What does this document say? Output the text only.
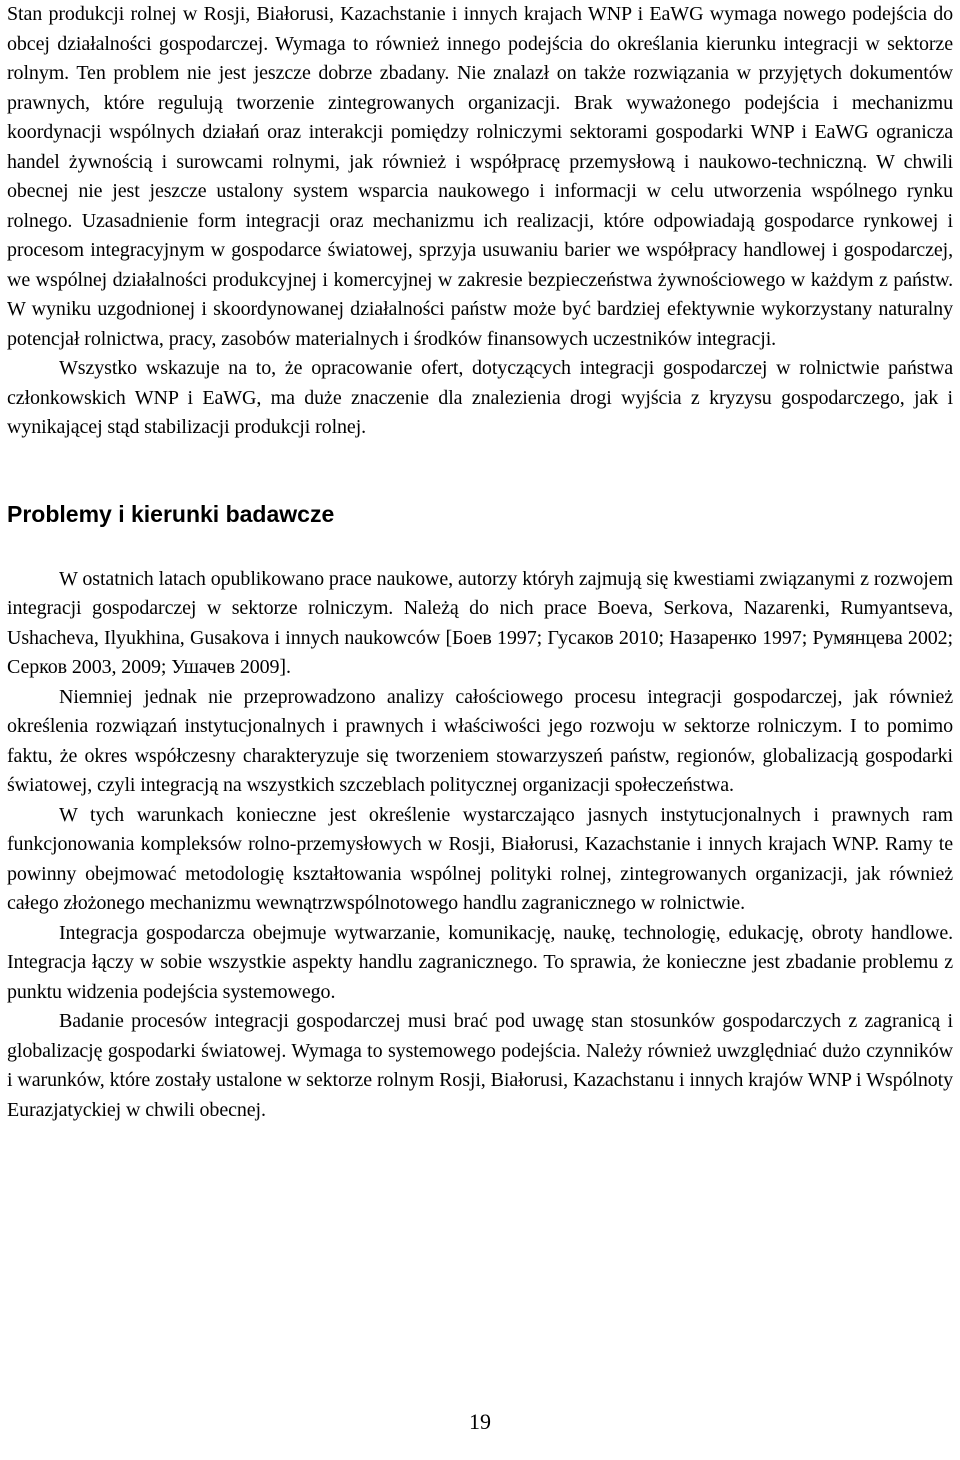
Stan produkcji rolnej w Rosji, Białorusi, Kazachstanie i innych krajach WNP i EaWG wymaga nowego podejścia do obcej działalności gospodarczej. Wymaga to również innego podejścia do określania kierunku integracji w sektorze rolnym. Ten problem nie jest jeszcze dobrze zbadany. Nie znalazł on także rozwiązania w przyjętych dokumentów prawnych, które regulują tworzenie zintegrowanych organizacji. Brak wyważonego podejścia i mechanizmu koordynacji wspólnych działań oraz interakcji pomiędzy rolniczymi sektorami gospodarki WNP i EaWG ogranicza handel żywnością i surowcami rolnymi, jak również i współpracę przemysłową i naukowo-techniczną. W chwili obecnej nie jest jeszcze ustalony system wsparcia naukowego i informacji w celu utworzenia wspólnego rynku rolnego. Uzasadnienie form integracji oraz mechanizmu ich realizacji, które odpowiadają gospodarce rynkowej i procesom integracyjnym w gospodarce światowej, sprzyja usuwaniu barier we współpracy handlowej i gospodarczej, we wspólnej działalności produkcyjnej i komercyjnej w zakresie bezpieczeństwa żywnościowego w każdym z państw. W wyniku uzgodnionej i skoordynowanej działalności państw może być bardziej efektywnie wykorzystany naturalny potencjał rolnictwa, pracy, zasobów materialnych i środków finansowych uczestników integracji.

Wszystko wskazuje na to, że opracowanie ofert, dotyczących integracji gospodarczej w rolnictwie państwa członkowskich WNP i EaWG, ma duże znaczenie dla znalezienia drogi wyjścia z kryzysu gospodarczego, jak i wynikającej stąd stabilizacji produkcji rolnej.

Problemy i kierunki badawcze

W ostatnich latach opublikowano prace naukowe, autorzy któryh zajmują się kwestiami związanymi z rozwojem integracji gospodarczej w sektorze rolniczym. Należą do nich prace Boeva, Serkova, Nazarenki, Rumyantseva, Ushacheva, Ilyukhina, Gusakova i innych naukowców [Боев 1997; Гусаков 2010; Назаренко 1997; Румянцева 2002; Серков 2003, 2009; Ушачев 2009].

Niemniej jednak nie przeprowadzono analizy całościowego procesu integracji gospodarczej, jak również określenia rozwiązań instytucjonalnych i prawnych i właściwości jego rozwoju w sektorze rolniczym. I to pomimo faktu, że okres współczesny charakteryzuje się tworzeniem stowarzyszeń państw, regionów, globalizacją gospodarki światowej, czyli integracją na wszystkich szczeblach politycznej organizacji społeczeństwa.

W tych warunkach konieczne jest określenie wystarczająco jasnych instytucjonalnych i prawnych ram funkcjonowania kompleksów rolno-przemysłowych w Rosji, Białorusi, Kazachstanie i innych krajach WNP. Ramy te powinny obejmować metodologię kształtowania wspólnej polityki rolnej, zintegrowanych organizacji, jak również całego złożonego mechanizmu wewnątrzwspólnotowego handlu zagranicznego w rolnictwie.

Integracja gospodarcza obejmuje wytwarzanie, komunikację, naukę, technologię, edukację, obroty handlowe. Integracja łączy w sobie wszystkie aspekty handlu zagranicznego. To sprawia, że konieczne jest zbadanie problemu z punktu widzenia podejścia systemowego.

Badanie procesów integracji gospodarczej musi brać pod uwagę stan stosunków gospodarczych z zagranicą i globalizację gospodarki światowej. Wymaga to systemowego podejścia. Należy również uwzględniać dużo czynników i warunków, które zostały ustalone w sektorze rolnym Rosji, Białorusi, Kazachstanu i innych krajów WNP i Wspólnoty Eurazjatyckiej w chwili obecnej.

19
